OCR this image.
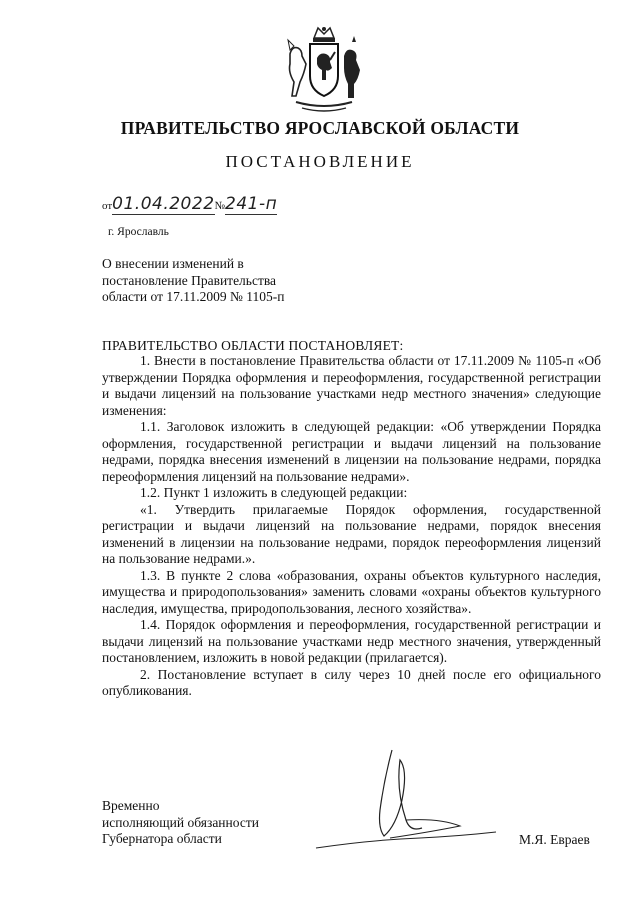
ПРАВИТЕЛЬСТВО ЯРОСЛАВСКОЙ ОБЛАСТИ
ПОСТАНОВЛЕНИЕ
от01.04.2022№241-п
г. Ярославль
О внесении изменений в
постановление Правительства
области от 17.11.2009 № 1105-п
ПРАВИТЕЛЬСТВО ОБЛАСТИ ПОСТАНОВЛЯЕТ:

1. Внести в постановление Правительства области от 17.11.2009 № 1105-п «Об утверждении Порядка оформления и переоформления, государственной регистрации и выдачи лицензий на пользование участками недр местного значения» следующие изменения:

1.1. Заголовок изложить в следующей редакции: «Об утверждении Порядка оформления, государственной регистрации и выдачи лицензий на пользование недрами, порядка внесения изменений в лицензии на пользование недрами, порядка переоформления лицензий на пользование недрами».

1.2. Пункт 1 изложить в следующей редакции:

«1. Утвердить прилагаемые Порядок оформления, государственной регистрации и выдачи лицензий на пользование недрами, порядок внесения изменений в лицензии на пользование недрами, порядок переоформления лицензий на пользование недрами.».

1.3. В пункте 2 слова «образования, охраны объектов культурного наследия, имущества и природопользования» заменить словами «охраны объектов культурного наследия, имущества, природопользования, лесного хозяйства».

1.4. Порядок оформления и переоформления, государственной регистрации и выдачи лицензий на пользование участками недр местного значения, утвержденный постановлением, изложить в новой редакции (прилагается).

2. Постановление вступает в силу через 10 дней после его официального опубликования.

Временно
исполняющий обязанности
Губернатора области	М.Я. Евраев
